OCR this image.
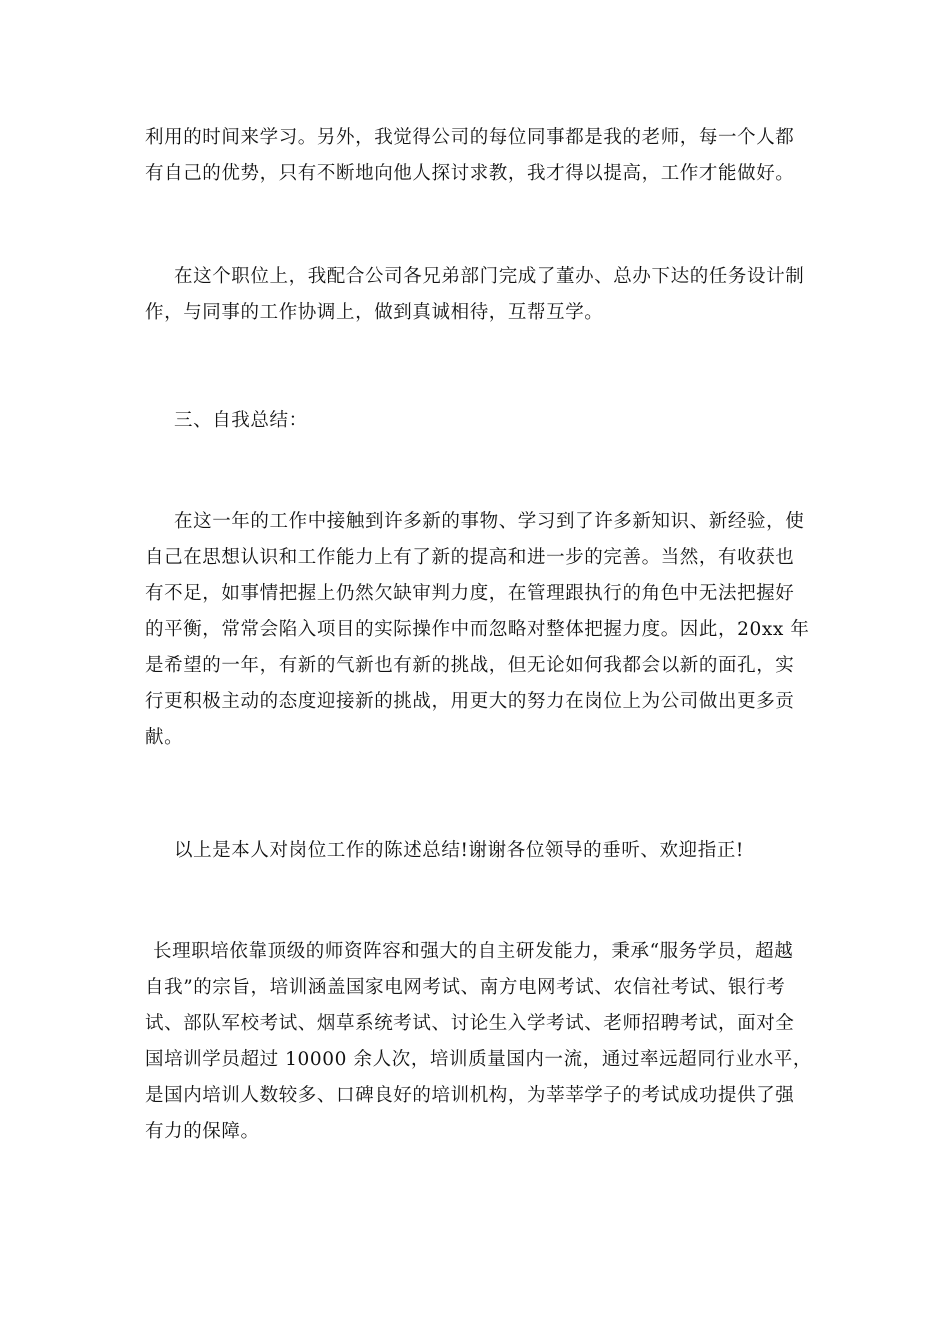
利用的时间来学习。另外，我觉得公司的每位同事都是我的老师，每一个人都
有自己的优势，只有不断地向他人探讨求教，我才得以提高，工作才能做好。
在这个职位上，我配合公司各兄弟部门完成了董办、总办下达的任务设计制
作，与同事的工作协调上，做到真诚相待，互帮互学。
三、自我总结：
在这一年的工作中接触到许多新的事物、学习到了许多新知识、新经验，使
自己在思想认识和工作能力上有了新的提高和进一步的完善。当然，有收获也
有不足，如事情把握上仍然欠缺审判力度，在管理跟执行的角色中无法把握好
的平衡，常常会陷入项目的实际操作中而忽略对整体把握力度。因此，20xx 年
是希望的一年，有新的气新也有新的挑战，但无论如何我都会以新的面孔，实
行更积极主动的态度迎接新的挑战，用更大的努力在岗位上为公司做出更多贡
献。
以上是本人对岗位工作的陈述总结!谢谢各位领导的垂听、欢迎指正!
长理职培依靠顶级的师资阵容和强大的自主研发能力，秉承“服务学员，超越
自我”的宗旨，培训涵盖国家电网考试、南方电网考试、农信社考试、银行考
试、部队军校考试、烟草系统考试、讨论生入学考试、老师招聘考试，面对全
国培训学员超过 10000 余人次，培训质量国内一流，通过率远超同行业水平，
是国内培训人数较多、口碑良好的培训机构，为莘莘学子的考试成功提供了强
有力的保障。
